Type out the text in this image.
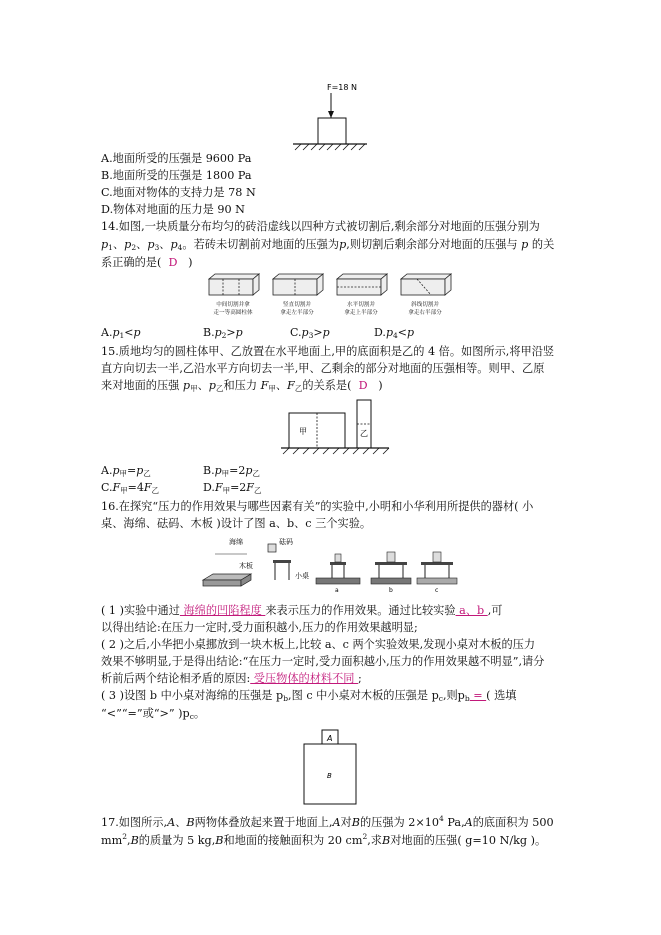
F=18 N
A.地面所受的压强是 9600 Pa
B.地面所受的压强是 1800 Pa
C.地面对物体的支持力是 78 N
D.物体对地面的压力是 90 N
14.如图,一块质量分布均匀的砖沿虚线以四种方式被切割后,剩余部分对地面的压强分别为
$p_1$、$p_2$、$p_3$、$p_4$。若砖未切割前对地面的压强为p,则切割后剩余部分对地面的压强与 p 的关
系正确的是( D )
中间切割并拿
走一等高圆柱体
竖直切割并
拿走左半部分
水平切割并
拿走上半部分
斜线切割并
拿走右半部分
$A.p_1<p$	$B.p_2>p$	$C.p_3>p$	$D.p_4<p$
15.质地均匀的圆柱体甲、乙放置在水平地面上,甲的底面积是乙的 4 倍。如图所示,将甲沿竖
直方向切去一半,乙沿水平方向切去一半,甲、乙剩余的部分对地面的压强相等。则甲、乙原
来对地面的压强 $p_甲$、$p_乙$和压力 $F_甲$、$F_乙$的关系是( D )
甲	乙
$A.p_甲=p_乙$	$B.p_甲=2p_乙$
$C.F_甲=4F_乙$	$D.F_甲=2F_乙$
16.在探究“压力的作用效果与哪些因素有关”的实验中,小明和小华利用所提供的器材( 小
桌、海绵、砝码、木板 )设计了图 a、b、c 三个实验。
海绵
木板
砝码
小桌
a	b	c
( 1 )实验中通过 海绵的凹陷程度 来表示压力的作用效果。通过比较实验 a、b ,可
以得出结论:在压力一定时,受力面积越小,压力的作用效果越明显;
( 2 )之后,小华把小桌挪放到一块木板上,比较 a、c 两个实验效果,发现小桌对木板的压力
效果不够明显,于是得出结论:“在压力一定时,受力面积越小,压力的作用效果越不明显”,请分
析前后两个结论相矛盾的原因: 受压物体的材料不同 ;
( 3 )设图 b 中小桌对海绵的压强是 $p_b$,图 c 中小桌对木板的压强是 $p_c$,则$p_b$ = ( 选填
“<”“=”或“>” )$p_c$。
A
B
17.如图所示,A、B两物体叠放起来置于地面上,A对B的压强为 $2\times 10^4$ Pa,A的底面积为 500
$mm^2,B$的质量为 5 kg,B和地面的接触面积为 20 $cm^2$,求B对地面的压强( g=10 N/kg )。
